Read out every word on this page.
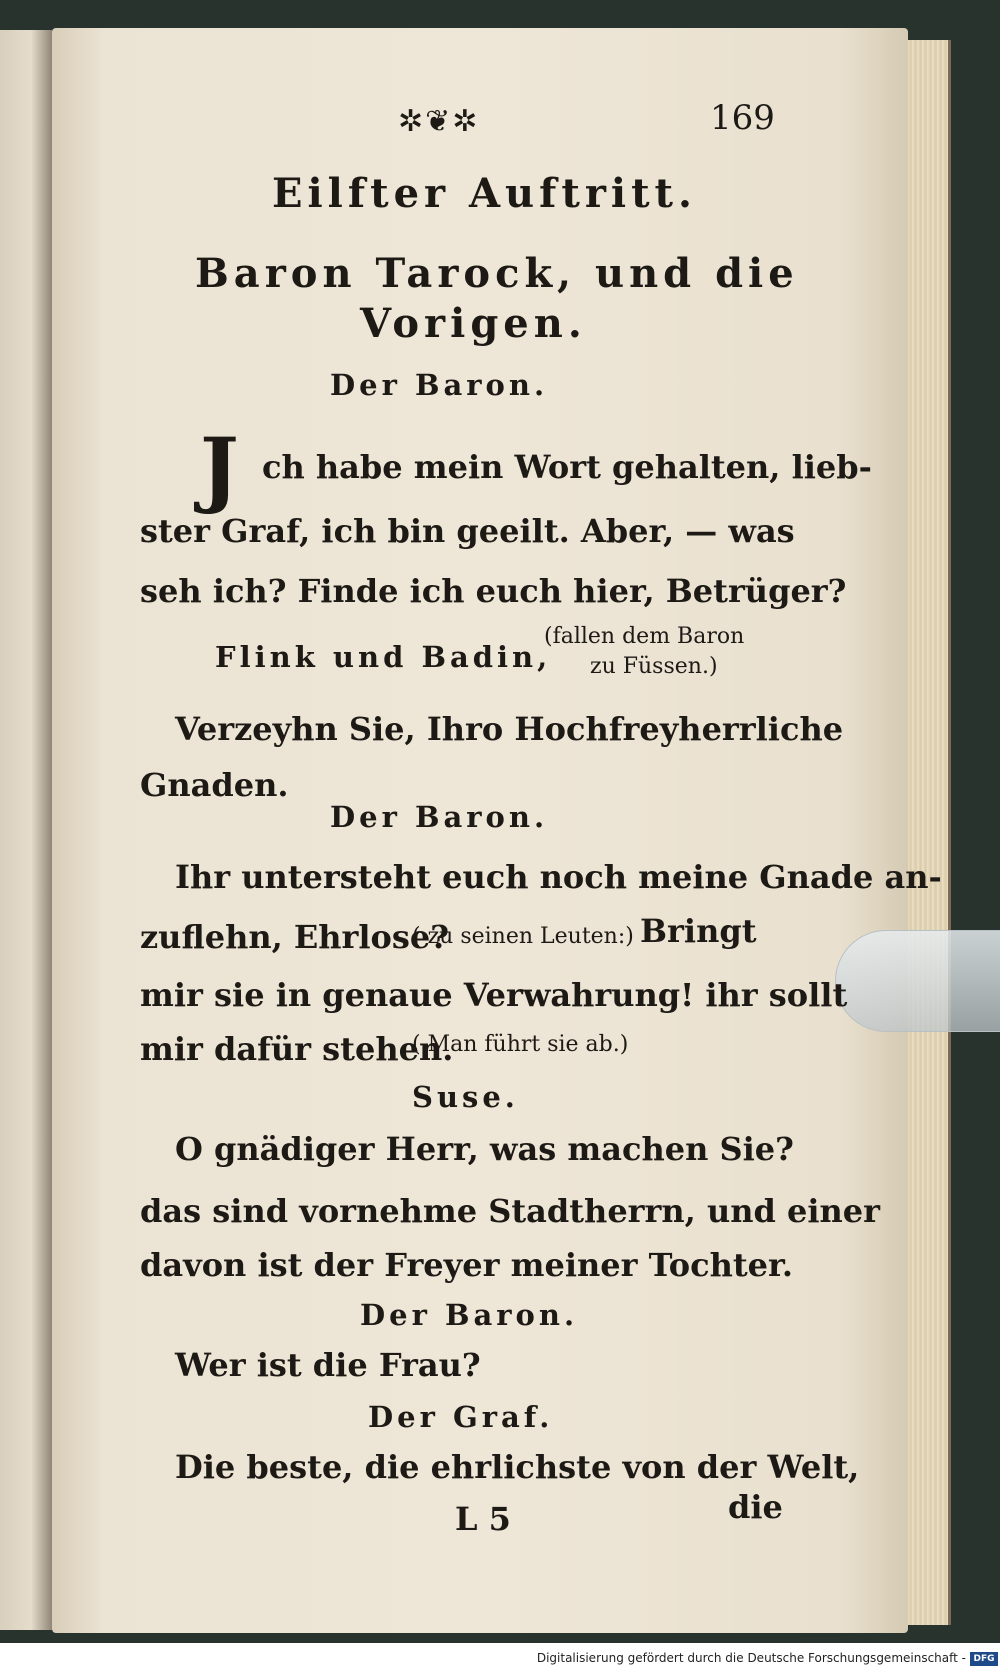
✲❦✲	169
Eilfter Auftritt.
Baron Tarock, und die
Vorigen.
Der Baron.
J ch habe mein Wort gehalten, lieb-
ster Graf, ich bin geeilt. Aber, — was
seh ich? Finde ich euch hier, Betrüger?
Flink und Badin,
(fallen dem Baron
zu Füssen.)
Verzeyhn Sie, Ihro Hochfreyherrliche
Gnaden.
Der Baron.
Ihr untersteht euch noch meine Gnade an-
zuflehn, Ehrlose?
( zu seinen Leuten:) Bringt
mir sie in genaue Verwahrung! ihr sollt
mir dafür stehen.
( Man führt sie ab.)
Suse.
O gnädiger Herr, was machen Sie?
das sind vornehme Stadtherrn, und einer
davon ist der Freyer meiner Tochter.
Der Baron.
Wer ist die Frau?
Der Graf.
Die beste, die ehrlichste von der Welt,
L 5	die
Digitalisierung gefördert durch die Deutsche Forschungsgemeinschaft - DFG
